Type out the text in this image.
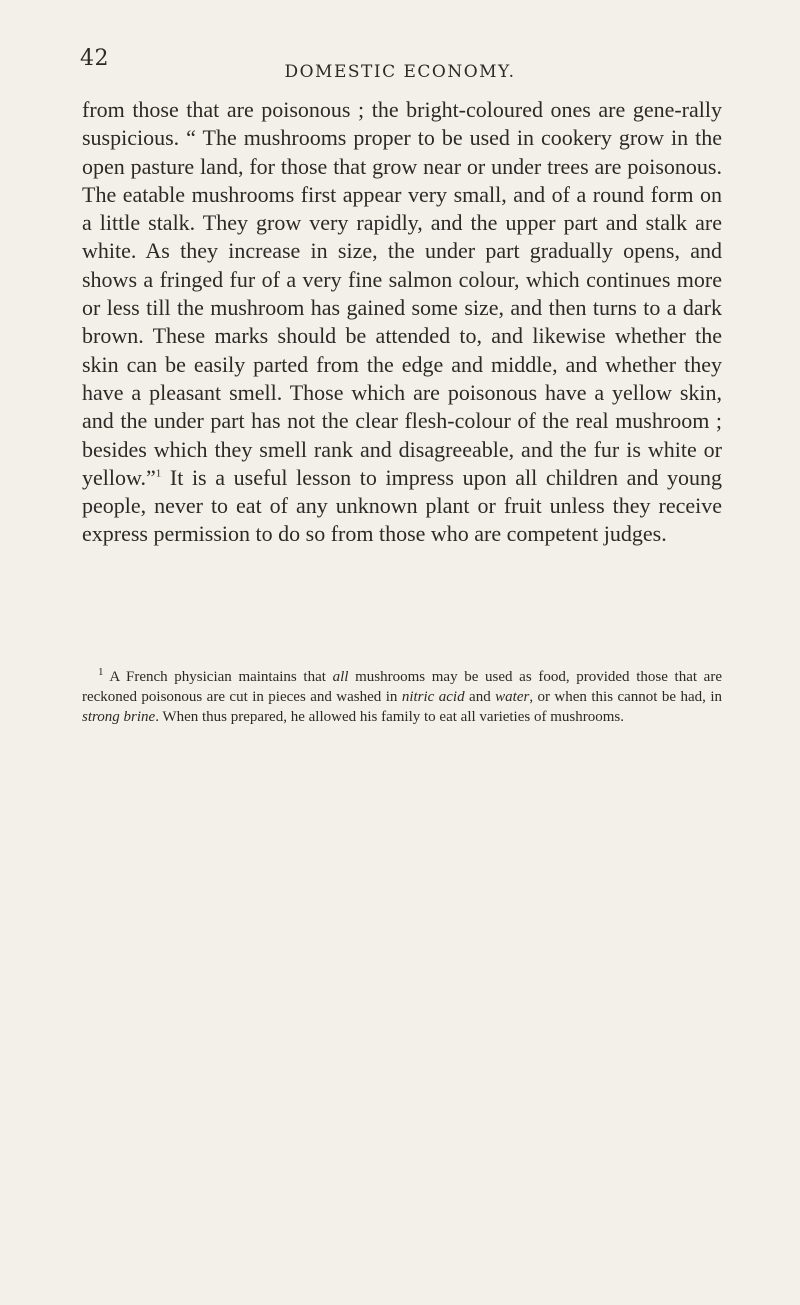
42
DOMESTIC ECONOMY.

from those that are poisonous ; the bright-coloured ones are gene-rally suspicious. “ The mushrooms proper to be used in cookery grow in the open pasture land, for those that grow near or under trees are poisonous. The eatable mushrooms first appear very small, and of a round form on a little stalk. They grow very rapidly, and the upper part and stalk are white. As they increase in size, the under part gradually opens, and shows a fringed fur of a very fine salmon colour, which continues more or less till the mushroom has gained some size, and then turns to a dark brown. These marks should be attended to, and likewise whether the skin can be easily parted from the edge and middle, and whether they have a pleasant smell. Those which are poisonous have a yellow skin, and the under part has not the clear flesh-colour of the real mushroom ; besides which they smell rank and disagreeable, and the fur is white or yellow.”$^1$ It is a useful lesson to impress upon all children and young people, never to eat of any unknown plant or fruit unless they receive express permission to do so from those who are competent judges.

$^1$ A French physician maintains that all mushrooms may be used as food, provided those that are reckoned poisonous are cut in pieces and washed in nitric acid and water, or when this cannot be had, in strong brine. When thus prepared, he allowed his family to eat all varieties of mushrooms.
